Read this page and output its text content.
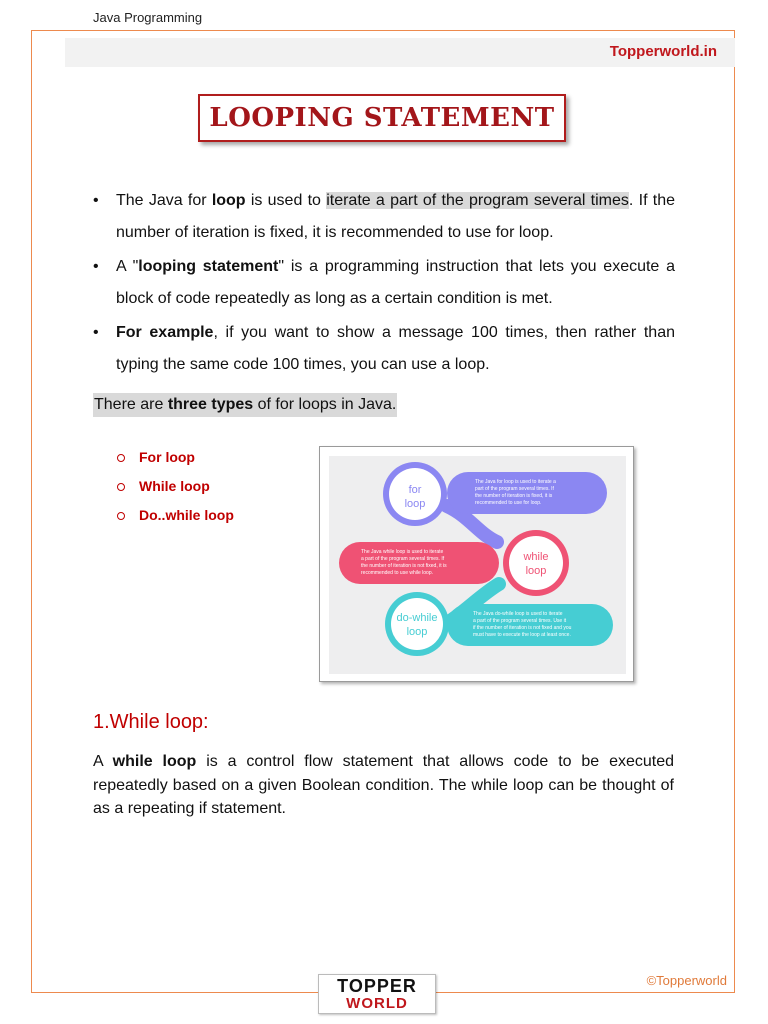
Java Programming
Topperworld.in
LOOPING STATEMENT
• The Java for loop is used to iterate a part of the program several times. If the number of iteration is fixed, it is recommended to use for loop.
• A "looping statement" is a programming instruction that lets you execute a block of code repeatedly as long as a certain condition is met.
• For example, if you want to show a message 100 times, then rather than typing the same code 100 times, you can use a loop.
There are three types of for loops in Java.
For loop
While loop
Do..while loop
for
loop
The Java for loop is used to iterate a
part of the program several times. If
the number of iteration is fixed, it is
recommended to use for loop.
while
loop
The Java while loop is used to iterate
a part of the program several times. If
the number of iteration is not fixed, it is
recommended to use while loop.
do-while
loop
The Java do-while loop is used to iterate
a part of the program several times. Use it
if the number of iteration is not fixed and you
must have to execute the loop at least once.
1.While loop:

A while loop is a control flow statement that allows code to be executed repeatedly based on a given Boolean condition. The while loop can be thought of as a repeating if statement.

TOPPER
WORLD
©Topperworld
